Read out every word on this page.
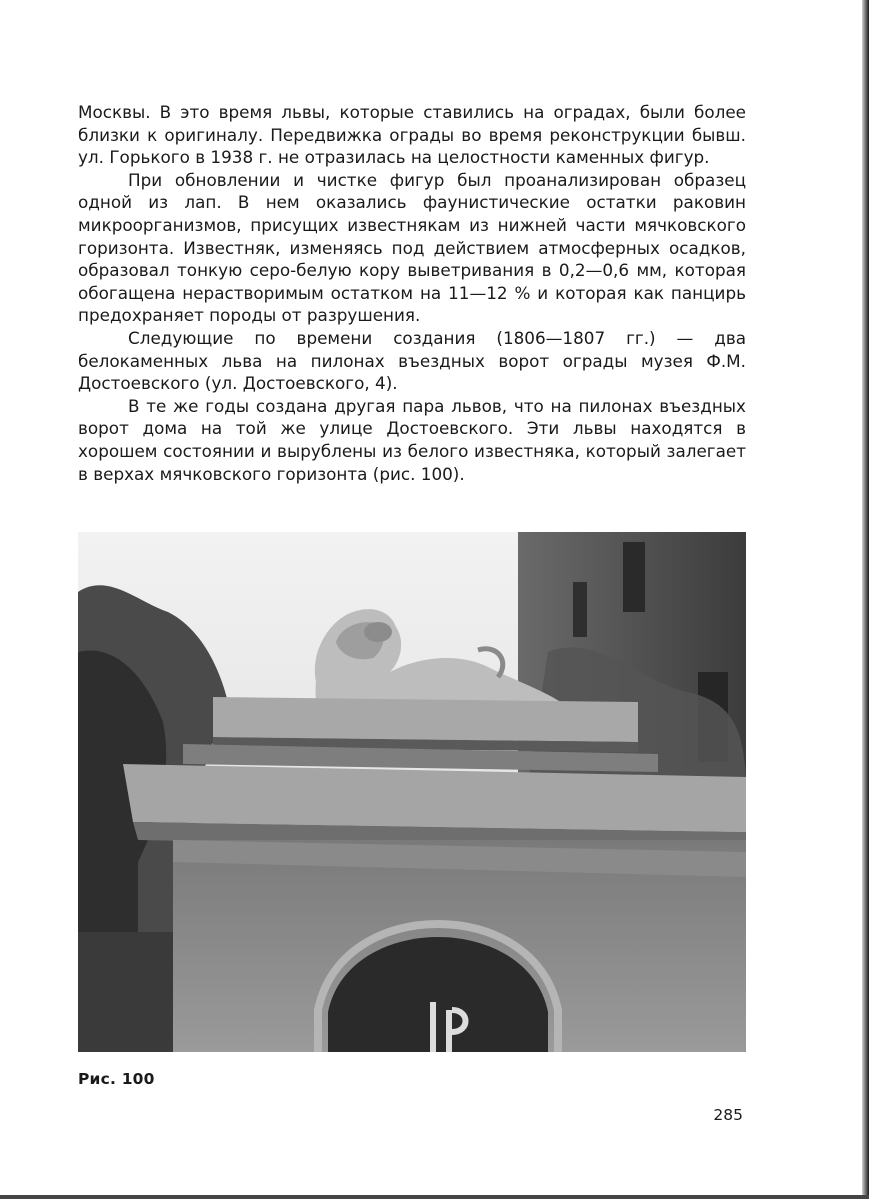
Москвы. В это время львы, которые ставились на оградах, были более близки к оригиналу. Передвижка ограды во время реконструкции бывш. ул. Горького в 1938 г. не отразилась на целостности каменных фигур.

При обновлении и чистке фигур был проанализирован образец одной из лап. В нем оказались фаунистические остатки раковин микроорганизмов, присущих известнякам из нижней части мячковского горизонта. Известняк, изменяясь под действием атмосферных осадков, образовал тонкую серо-белую кору выветривания в 0,2—0,6 мм, которая обогащена нерастворимым остатком на 11—12 % и которая как панцирь предохраняет породы от разрушения.

Следующие по времени создания (1806—1807 гг.) — два белокаменных льва на пилонах въездных ворот ограды музея Ф.М. Достоевского (ул. Достоевского, 4).

В те же годы создана другая пара львов, что на пилонах въездных ворот дома на той же улице Достоевского. Эти львы находятся в хорошем состоянии и вырублены из белого известняка, который залегает в верхах мячковского горизонта (рис. 100).

Рис. 100
285
